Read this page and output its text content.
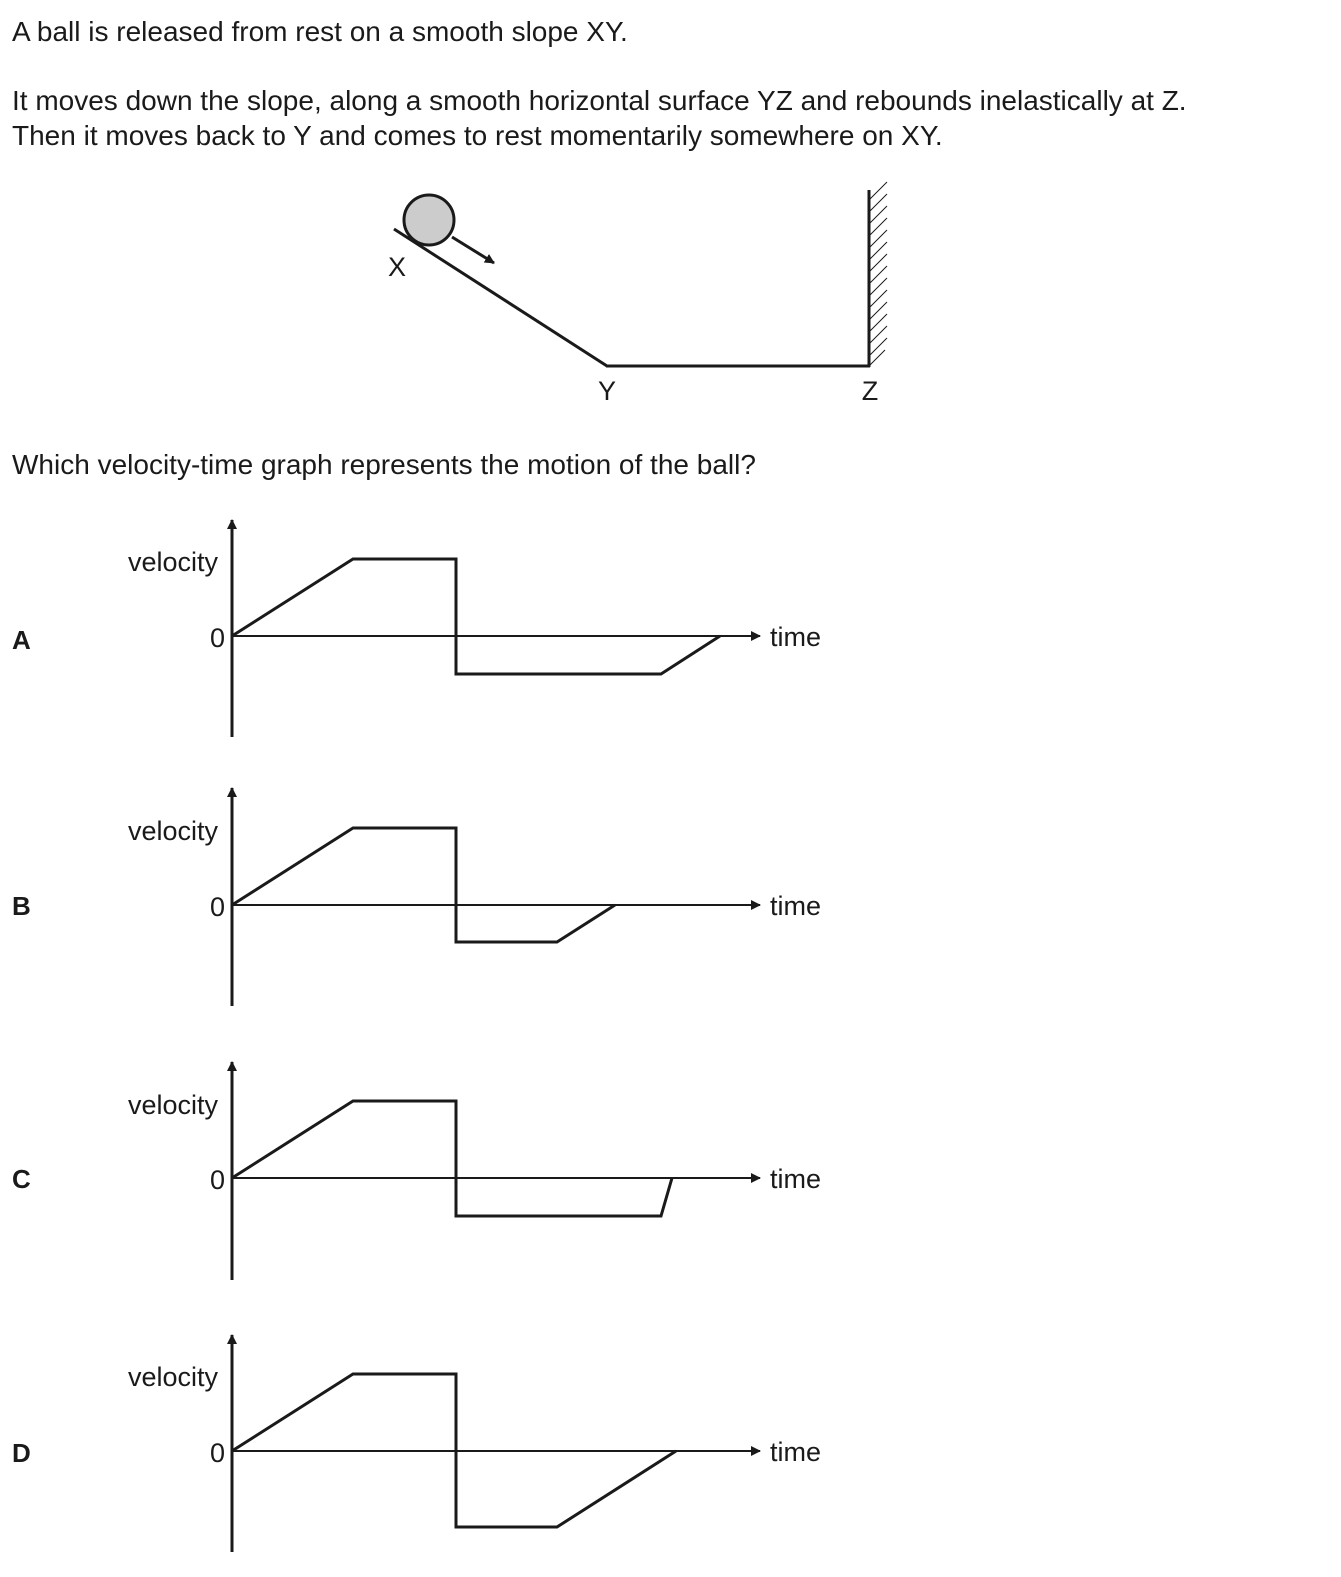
A ball is released from rest on a smooth slope XY.
It moves down the slope, along a smooth horizontal surface YZ and rebounds inelastically at Z.
Then it moves back to Y and comes to rest momentarily somewhere on XY.
X
Y	Z
A
velocity
0	time
B
velocity
0	time
C
velocity
0	time
D
velocity
0	time
Which velocity-time graph represents the motion of the ball?
